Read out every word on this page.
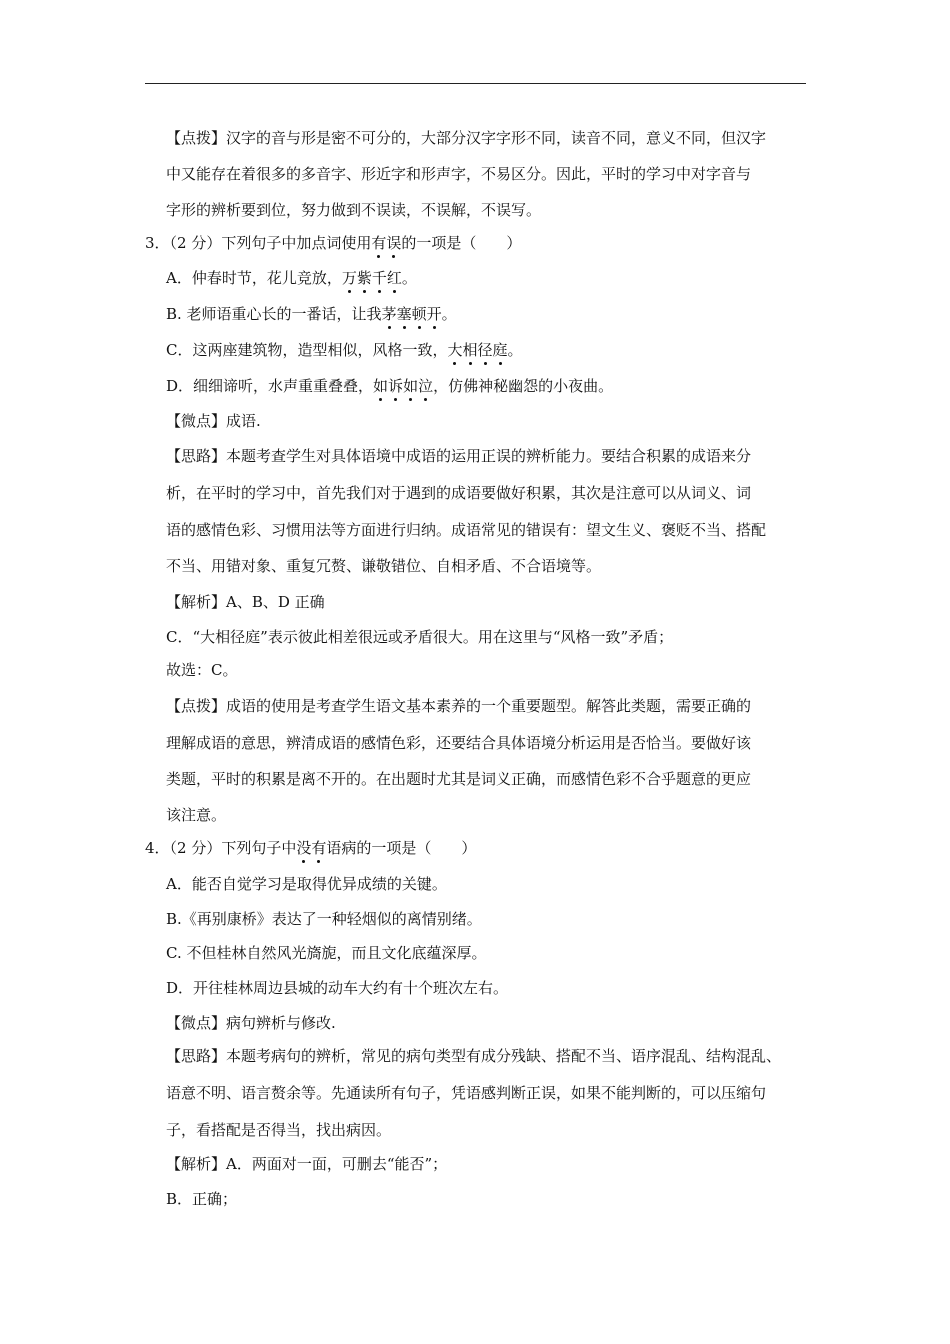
【点拨】汉字的音与形是密不可分的，大部分汉字字形不同，读音不同，意义不同，但汉字
中又能存在着很多的多音字、形近字和形声字，不易区分。因此，平时的学习中对字音与
字形的辨析要到位，努力做到不误读，不误解，不误写。
3．（2 分）下列句子中加点词使用有误的一项是（　　）
A．仲春时节，花儿竞放，万紫千红。
B. 老师语重心长的一番话，让我茅塞顿开。
C．这两座建筑物，造型相似，风格一致，大相径庭。
D．细细谛听，水声重重叠叠，如诉如泣，仿佛神秘幽怨的小夜曲。
【微点】成语.
【思路】本题考查学生对具体语境中成语的运用正误的辨析能力。要结合积累的成语来分
析，在平时的学习中，首先我们对于遇到的成语要做好积累，其次是注意可以从词义、词
语的感情色彩、习惯用法等方面进行归纳。成语常见的错误有：望文生义、褒贬不当、搭配
不当、用错对象、重复冗赘、谦敬错位、自相矛盾、不合语境等。
【解析】A、B、D 正确
C．“大相径庭”表示彼此相差很远或矛盾很大。用在这里与“风格一致”矛盾；
故选：C。
【点拨】成语的使用是考查学生语文基本素养的一个重要题型。解答此类题，需要正确的
理解成语的意思，辨清成语的感情色彩，还要结合具体语境分析运用是否恰当。要做好该
类题，平时的积累是离不开的。在出题时尤其是词义正确，而感情色彩不合乎题意的更应
该注意。
4．（2 分）下列句子中没有语病的一项是（　　）
A．能否自觉学习是取得优异成绩的关键。
B.《再别康桥》表达了一种轻烟似的离情别绪。
C. 不但桂林自然风光旖旎，而且文化底蕴深厚。
D．开往桂林周边县城的动车大约有十个班次左右。
【微点】病句辨析与修改.
【思路】本题考病句的辨析，常见的病句类型有成分残缺、搭配不当、语序混乱、结构混乱、
语意不明、语言赘余等。先通读所有句子，凭语感判断正误，如果不能判断的，可以压缩句
子，看搭配是否得当，找出病因。
【解析】A．两面对一面，可删去“能否”；
B．正确；
